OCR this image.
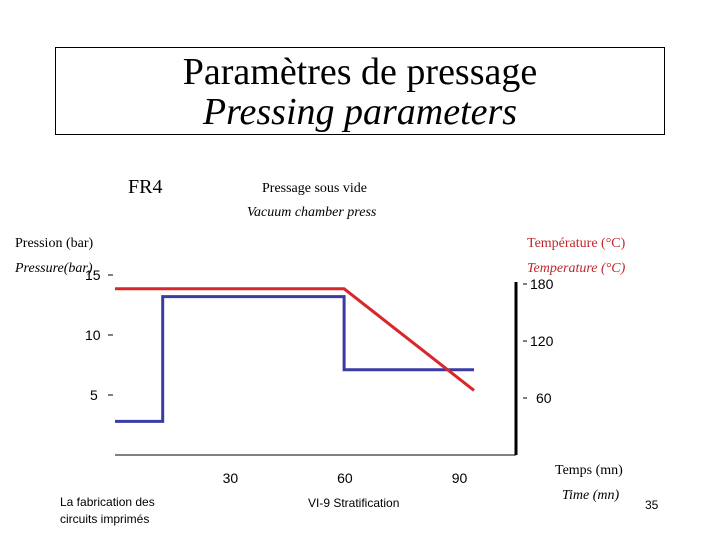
Paramètres de pressage
Pressing parameters
FR4	Pressage sous vide
Vacuum chamber press
Pression (bar)
Pressure(bar)
Température (°C)
Temperature (°C)
Temps (mn)
Time (mn)
La fabrication des
circuits imprimés
VI-9 Stratification	35
30	60	90
5
10
15
60
120
180
